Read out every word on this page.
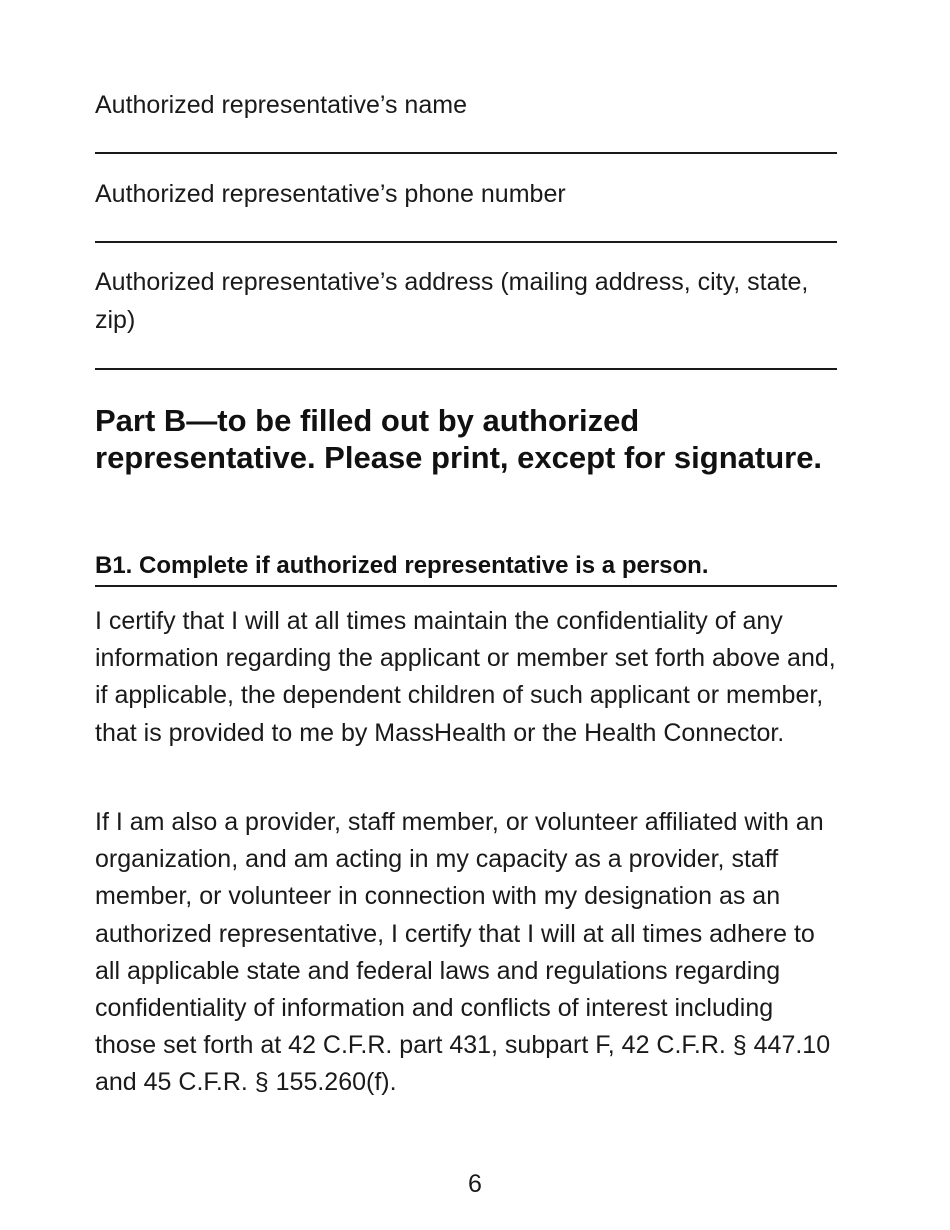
Authorized representative’s name

Authorized representative’s phone number

Authorized representative’s address (mailing address, city, state, zip)

Part B—to be filled out by authorized representative. Please print, except for signature.
B1. Complete if authorized representative is a person.

I certify that I will at all times maintain the confidentiality of any information regarding the applicant or member set forth above and, if applicable, the dependent children of such applicant or member, that is provided to me by MassHealth or the Health Connector.

If I am also a provider, staff member, or volunteer affiliated with an organization, and am acting in my capacity as a provider, staff member, or volunteer in connection with my designation as an authorized representative, I certify that I will at all times adhere to all applicable state and federal laws and regulations regarding confidentiality of information and conflicts of interest including those set forth at 42 C.F.R. part 431, subpart F, 42 C.F.R. § 447.10 and 45 C.F.R. § 155.260(f).

6
